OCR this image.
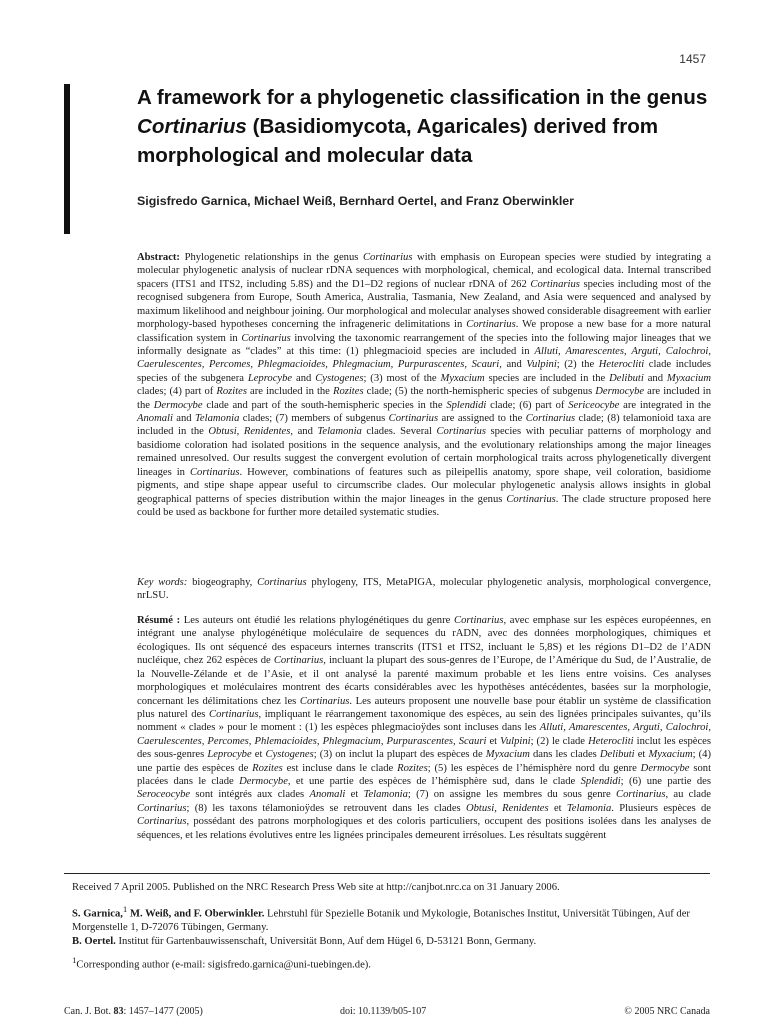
1457
A framework for a phylogenetic classification in the genus Cortinarius (Basidiomycota, Agaricales) derived from morphological and molecular data

Sigisfredo Garnica, Michael Weiß, Bernhard Oertel, and Franz Oberwinkler

Abstract: Phylogenetic relationships in the genus Cortinarius with emphasis on European species were studied by integrating a molecular phylogenetic analysis of nuclear rDNA sequences with morphological, chemical, and ecological data. Internal transcribed spacers (ITS1 and ITS2, including 5.8S) and the D1–D2 regions of nuclear rDNA of 262 Cortinarius species including most of the recognised subgenera from Europe, South America, Australia, Tasmania, New Zealand, and Asia were sequenced and analysed by maximum likelihood and neighbour joining. Our morphological and molecular analyses showed considerable disagreement with earlier morphology-based hypotheses concerning the infrageneric delimitations in Cortinarius. We propose a new base for a more natural classification system in Cortinarius involving the taxonomic rearrangement of the species into the following major lineages that we informally designate as “clades” at this time: (1) phlegmacioid species are included in Alluti, Amarescentes, Arguti, Calochroi, Caerulescentes, Percomes, Phlegmacioides, Phlegmacium, Purpurascentes, Scauri, and Vulpini; (2) the Heterocliti clade includes species of the subgenera Leprocybe and Cystogenes; (3) most of the Myxacium species are included in the Delibuti and Myxacium clades; (4) part of Rozites are included in the Rozites clade; (5) the north-hemispheric species of subgenus Dermocybe are included in the Dermocybe clade and part of the south-hemispheric species in the Splendidi clade; (6) part of Sericeocybe are integrated in the Anomali and Telamonia clades; (7) members of subgenus Cortinarius are assigned to the Cortinarius clade; (8) telamonioid taxa are included in the Obtusi, Renidentes, and Telamonia clades. Several Cortinarius species with peculiar patterns of morphology and basidiome coloration had isolated positions in the sequence analysis, and the evolutionary relationships among the major lineages remained unresolved. Our results suggest the convergent evolution of certain morphological traits across phylogenetically divergent lineages in Cortinarius. However, combinations of features such as pileipellis anatomy, spore shape, veil coloration, basidiome pigments, and stipe shape appear useful to circumscribe clades. Our molecular phylogenetic analysis allows insights in global geographical patterns of species distribution within the major lineages in the genus Cortinarius. The clade structure proposed here could be used as backbone for further more detailed systematic studies.

Key words: biogeography, Cortinarius phylogeny, ITS, MetaPIGA, molecular phylogenetic analysis, morphological convergence, nrLSU.

Résumé : Les auteurs ont étudié les relations phylogénétiques du genre Cortinarius, avec emphase sur les espèces européennes, en intégrant une analyse phylogénétique moléculaire de sequences du rADN, avec des données morphologiques, chimiques et écologiques. Ils ont séquencé des espaceurs internes transcrits (ITS1 et ITS2, incluant le 5,8S) et les régions D1–D2 de l’ADN nucléique, chez 262 espèces de Cortinarius, incluant la plupart des sous-genres de l’Europe, de l’Amérique du Sud, de l’Australie, de la Nouvelle-Zélande et de l’Asie, et il ont analysé la parenté maximum probable et les liens entre voisins. Ces analyses morphologiques et moléculaires montrent des écarts considérables avec les hypothèses antécédentes, basées sur la morphologie, concernant les délimitations chez les Cortinarius. Les auteurs proposent une nouvelle base pour établir un système de classification plus naturel des Cortinarius, impliquant le réarrangement taxonomique des espèces, au sein des lignées principales suivantes, qu’ils nomment « clades » pour le moment : (1) les espèces phlegmacioÿdes sont incluses dans les Alluti, Amarescentes, Arguti, Calochroi, Caerulescentes, Percomes, Phlemacioides, Phlegmacium, Purpurascentes, Scauri et Vulpini; (2) le clade Heterocliti inclut les espèces des sous-genres Leprocybe et Cystogenes; (3) on inclut la plupart des espèces de Myxacium dans les clades Delibuti et Myxacium; (4) une partie des espèces de Rozites est incluse dans le clade Rozites; (5) les espèces de l’hémisphère nord du genre Dermocybe sont placées dans le clade Dermocybe, et une partie des espèces de l’hémisphère sud, dans le clade Splendidi; (6) une partie des Seroceocybe sont intégrés aux clades Anomali et Telamonia; (7) on assigne les membres du sous genre Cortinarius, au clade Cortinarius; (8) les taxons télamonioÿdes se retrouvent dans les clades Obtusi, Renidentes et Telamonia. Plusieurs espèces de Cortinarius, possédant des patrons morphologiques et des coloris particuliers, occupent des positions isolées dans les analyses de séquences, et les relations évolutives entre les lignées principales demeurent irrésolues. Les résultats suggèrent

Received 7 April 2005. Published on the NRC Research Press Web site at http://canjbot.nrc.ca on 31 January 2006.

S. Garnica,$^1$ M. Weiß, and F. Oberwinkler. Lehrstuhl für Spezielle Botanik und Mykologie, Botanisches Institut, Universität Tübingen, Auf der Morgenstelle 1, D-72076 Tübingen, Germany.

B. Oertel. Institut für Gartenbauwissenschaft, Universität Bonn, Auf dem Hügel 6, D-53121 Bonn, Germany.

$^1$Corresponding author (e-mail: sigisfredo.garnica@uni-tuebingen.de).

Can. J. Bot. 83: 1457–1477 (2005)	doi: 10.1139/b05-107	© 2005 NRC Canada
